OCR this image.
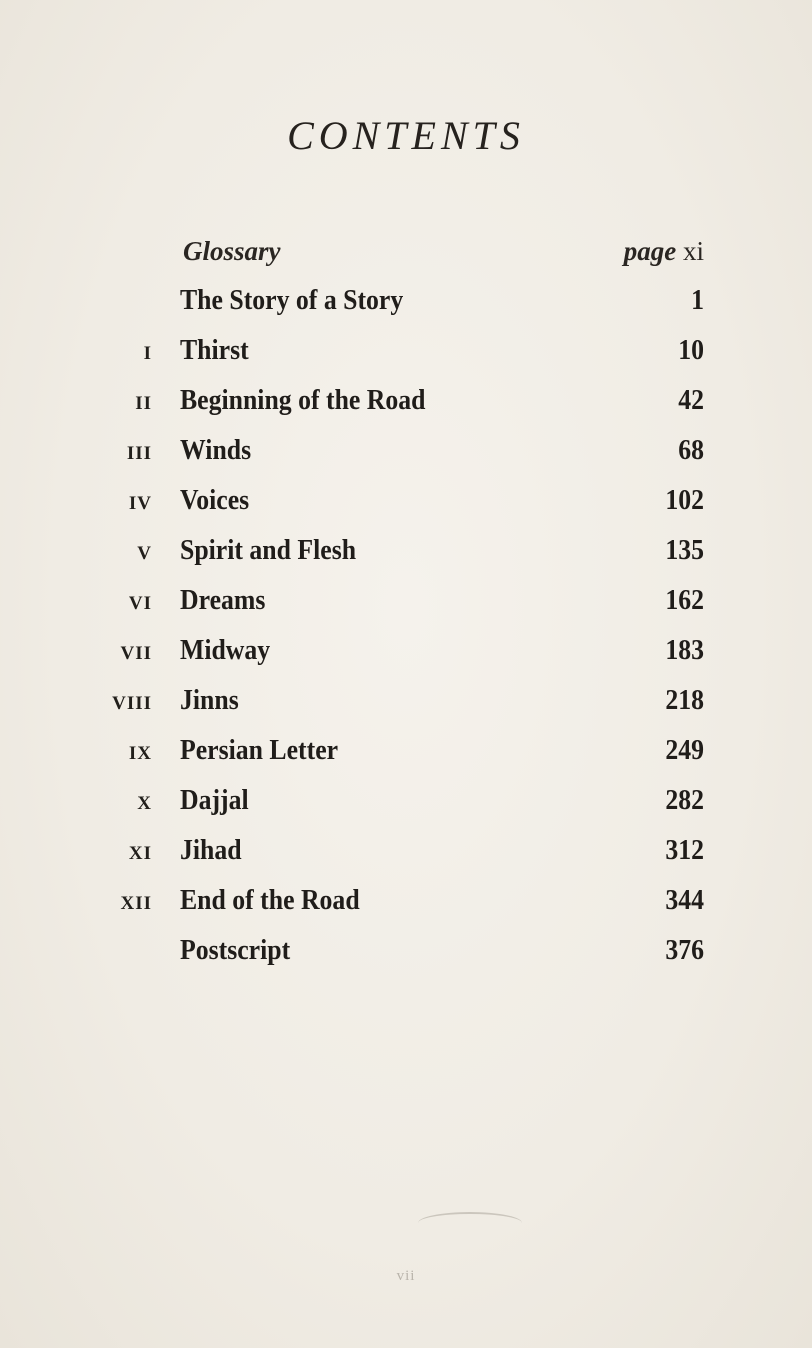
CONTENTS
Glossary	page xi
The Story of a Story	1
I Thirst	10
II Beginning of the Road	42
III Winds	68
IV Voices	102
V Spirit and Flesh	135
VI Dreams	162
VII Midway	183
VIII Jinns	218
IX Persian Letter	249
X Dajjal	282
XI Jihad	312
XII End of the Road	344
Postscript	376
vii
